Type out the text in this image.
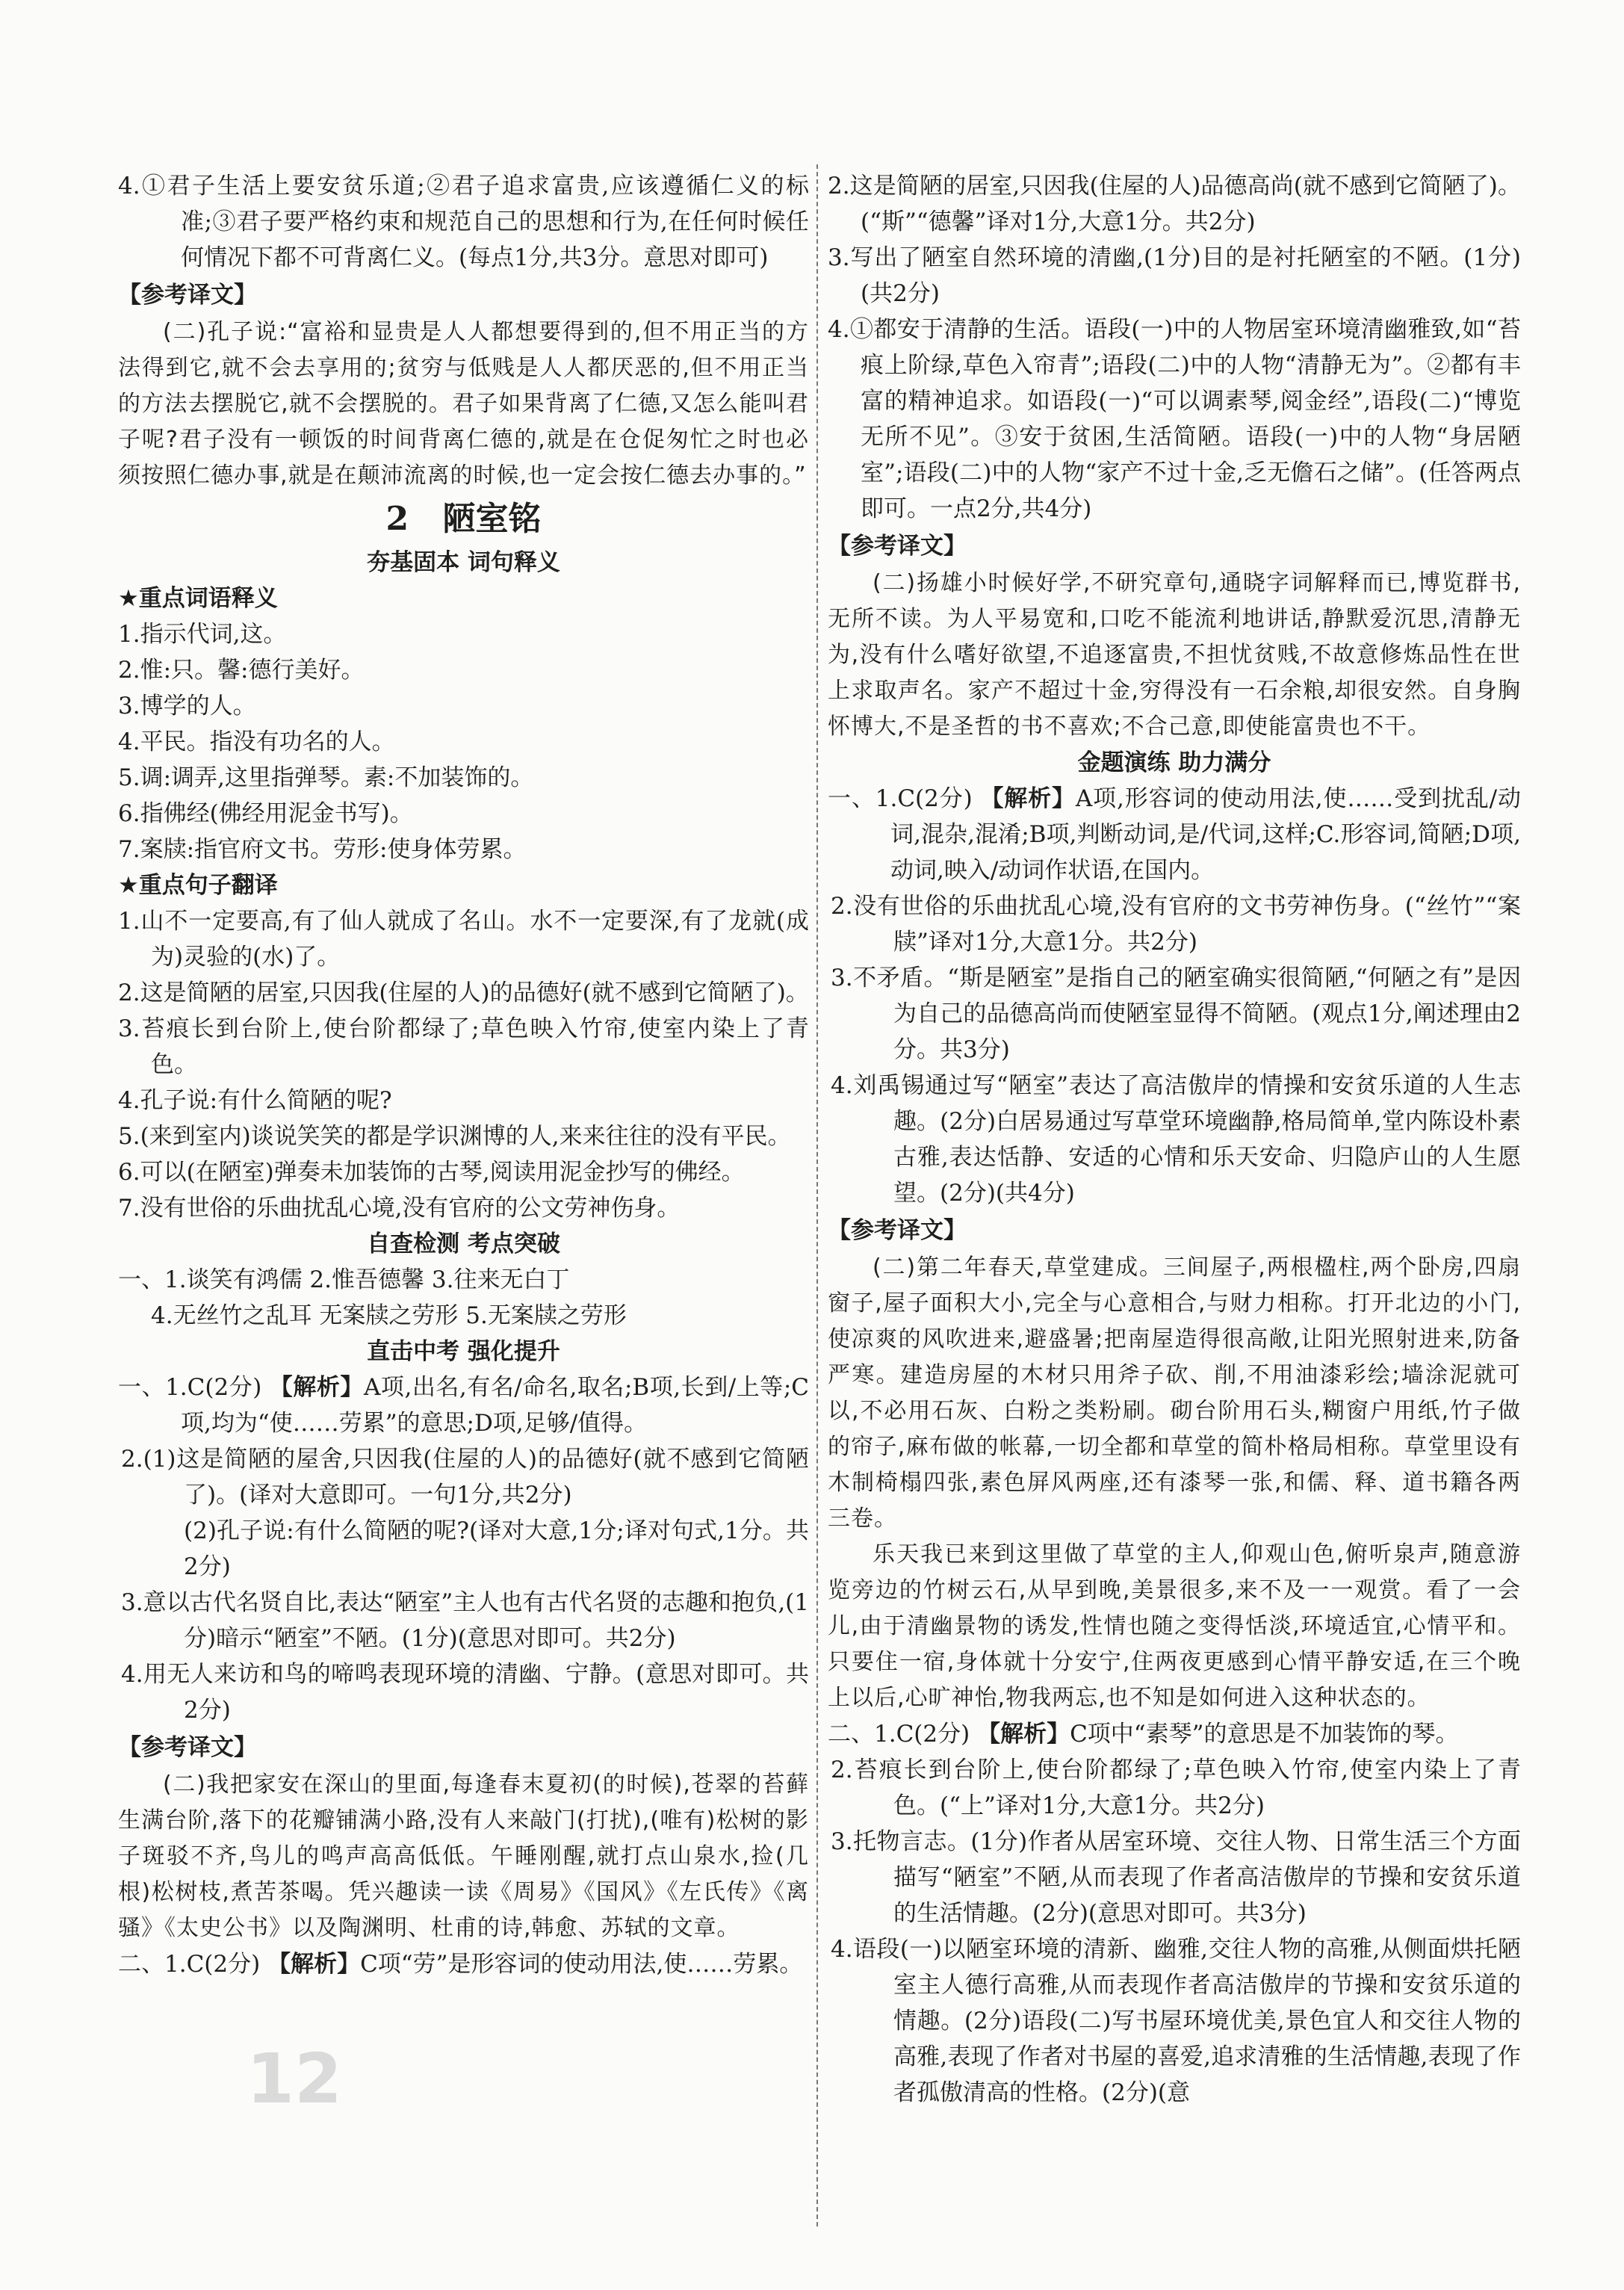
4.①君子生活上要安贫乐道;②君子追求富贵,应该遵循仁义的标准;③君子要严格约束和规范自己的思想和行为,在任何时候任何情况下都不可背离仁义。(每点1分,共3分。意思对即可)

【参考译文】

(二)孔子说:“富裕和显贵是人人都想要得到的,但不用正当的方法得到它,就不会去享用的;贫穷与低贱是人人都厌恶的,但不用正当的方法去摆脱它,就不会摆脱的。君子如果背离了仁德,又怎么能叫君子呢?君子没有一顿饭的时间背离仁德的,就是在仓促匆忙之时也必须按照仁德办事,就是在颠沛流离的时候,也一定会按仁德去办事的。”

2 陋室铭
夯基固本 词句释义
★重点词语释义

1.指示代词,这。

2.惟:只。馨:德行美好。

3.博学的人。

4.平民。指没有功名的人。

5.调:调弄,这里指弹琴。素:不加装饰的。

6.指佛经(佛经用泥金书写)。

7.案牍:指官府文书。劳形:使身体劳累。

★重点句子翻译

1.山不一定要高,有了仙人就成了名山。水不一定要深,有了龙就(成为)灵验的(水)了。

2.这是简陋的居室,只因我(住屋的人)的品德好(就不感到它简陋了)。

3.苔痕长到台阶上,使台阶都绿了;草色映入竹帘,使室内染上了青色。

4.孔子说:有什么简陋的呢?

5.(来到室内)谈说笑笑的都是学识渊博的人,来来往往的没有平民。

6.可以(在陋室)弹奏未加装饰的古琴,阅读用泥金抄写的佛经。

7.没有世俗的乐曲扰乱心境,没有官府的公文劳神伤身。

自查检测 考点突破

一、1.谈笑有鸿儒 2.惟吾德馨 3.往来无白丁

4.无丝竹之乱耳 无案牍之劳形 5.无案牍之劳形

直击中考 强化提升

一、1.C(2分) 【解析】A项,出名,有名/命名,取名;B项,长到/上等;C项,均为“使……劳累”的意思;D项,足够/值得。

2.(1)这是简陋的屋舍,只因我(住屋的人)的品德好(就不感到它简陋了)。(译对大意即可。一句1分,共2分)

(2)孔子说:有什么简陋的呢?(译对大意,1分;译对句式,1分。共2分)

3.意以古代名贤自比,表达“陋室”主人也有古代名贤的志趣和抱负,(1分)暗示“陋室”不陋。(1分)(意思对即可。共2分)

4.用无人来访和鸟的啼鸣表现环境的清幽、宁静。(意思对即可。共2分)

【参考译文】

(二)我把家安在深山的里面,每逢春末夏初(的时候),苍翠的苔藓生满台阶,落下的花瓣铺满小路,没有人来敲门(打扰),(唯有)松树的影子斑驳不齐,鸟儿的鸣声高高低低。午睡刚醒,就打点山泉水,捡(几根)松树枝,煮苦茶喝。凭兴趣读一读《周易》《国风》《左氏传》《离骚》《太史公书》以及陶渊明、杜甫的诗,韩愈、苏轼的文章。

二、1.C(2分) 【解析】C项“劳”是形容词的使动用法,使……劳累。

2.这是简陋的居室,只因我(住屋的人)品德高尚(就不感到它简陋了)。(“斯”“德馨”译对1分,大意1分。共2分)

3.写出了陋室自然环境的清幽,(1分)目的是衬托陋室的不陋。(1分)(共2分)

4.①都安于清静的生活。语段(一)中的人物居室环境清幽雅致,如“苔痕上阶绿,草色入帘青”;语段(二)中的人物“清静无为”。②都有丰富的精神追求。如语段(一)“可以调素琴,阅金经”,语段(二)“博览无所不见”。③安于贫困,生活简陋。语段(一)中的人物“身居陋室”;语段(二)中的人物“家产不过十金,乏无儋石之储”。(任答两点即可。一点2分,共4分)

【参考译文】

(二)扬雄小时候好学,不研究章句,通晓字词解释而已,博览群书,无所不读。为人平易宽和,口吃不能流利地讲话,静默爱沉思,清静无为,没有什么嗜好欲望,不追逐富贵,不担忧贫贱,不故意修炼品性在世上求取声名。家产不超过十金,穷得没有一石余粮,却很安然。自身胸怀博大,不是圣哲的书不喜欢;不合己意,即使能富贵也不干。

金题演练 助力满分

一、1.C(2分) 【解析】A项,形容词的使动用法,使……受到扰乱/动词,混杂,混淆;B项,判断动词,是/代词,这样;C.形容词,简陋;D项,动词,映入/动词作状语,在国内。

2.没有世俗的乐曲扰乱心境,没有官府的文书劳神伤身。(“丝竹”“案牍”译对1分,大意1分。共2分)

3.不矛盾。“斯是陋室”是指自己的陋室确实很简陋,“何陋之有”是因为自己的品德高尚而使陋室显得不简陋。(观点1分,阐述理由2分。共3分)

4.刘禹锡通过写“陋室”表达了高洁傲岸的情操和安贫乐道的人生志趣。(2分)白居易通过写草堂环境幽静,格局简单,堂内陈设朴素古雅,表达恬静、安适的心情和乐天安命、归隐庐山的人生愿望。(2分)(共4分)

【参考译文】

(二)第二年春天,草堂建成。三间屋子,两根楹柱,两个卧房,四扇窗子,屋子面积大小,完全与心意相合,与财力相称。打开北边的小门,使凉爽的风吹进来,避盛暑;把南屋造得很高敞,让阳光照射进来,防备严寒。建造房屋的木材只用斧子砍、削,不用油漆彩绘;墙涂泥就可以,不必用石灰、白粉之类粉刷。砌台阶用石头,糊窗户用纸,竹子做的帘子,麻布做的帐幕,一切全都和草堂的简朴格局相称。草堂里设有木制椅榻四张,素色屏风两座,还有漆琴一张,和儒、释、道书籍各两三卷。

乐天我已来到这里做了草堂的主人,仰观山色,俯听泉声,随意游览旁边的竹树云石,从早到晚,美景很多,来不及一一观赏。看了一会儿,由于清幽景物的诱发,性情也随之变得恬淡,环境适宜,心情平和。只要住一宿,身体就十分安宁,住两夜更感到心情平静安适,在三个晚上以后,心旷神怡,物我两忘,也不知是如何进入这种状态的。

二、1.C(2分) 【解析】C项中“素琴”的意思是不加装饰的琴。

2.苔痕长到台阶上,使台阶都绿了;草色映入竹帘,使室内染上了青色。(“上”译对1分,大意1分。共2分)

3.托物言志。(1分)作者从居室环境、交往人物、日常生活三个方面描写“陋室”不陋,从而表现了作者高洁傲岸的节操和安贫乐道的生活情趣。(2分)(意思对即可。共3分)

4.语段(一)以陋室环境的清新、幽雅,交往人物的高雅,从侧面烘托陋室主人德行高雅,从而表现作者高洁傲岸的节操和安贫乐道的情趣。(2分)语段(二)写书屋环境优美,景色宜人和交往人物的高雅,表现了作者对书屋的喜爱,追求清雅的生活情趣,表现了作者孤傲清高的性格。(2分)(意

12
